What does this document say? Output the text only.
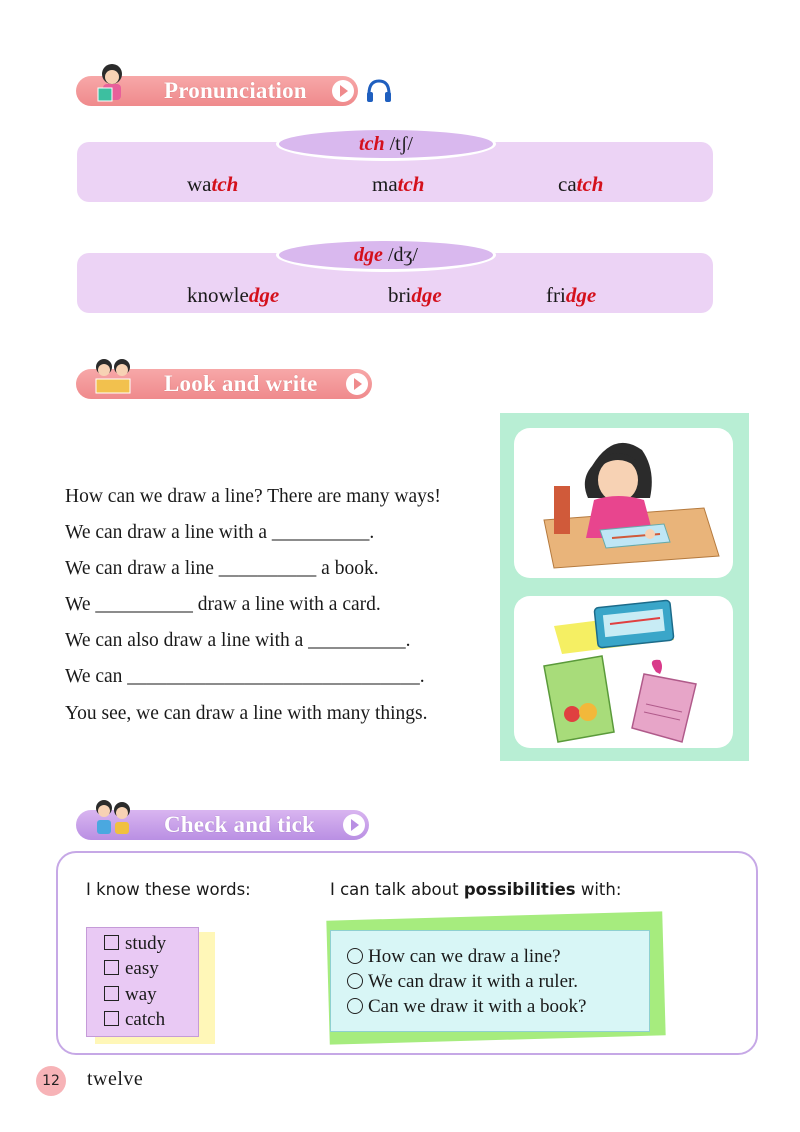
Pronunciation
tch /tʃ/
watch	match	catch
dge /dʒ/
knowledge	bridge	fridge
Look and write
How can we draw a line? There are many ways!
We can draw a line with a __________.
We can draw a line __________ a book.
We __________ draw a line with a card.
We can also draw a line with a __________.
We can ______________________________.
You see, we can draw a line with many things.
Check and tick
I know these words:	I can talk about possibilities with:
study
easy
way
catch
How can we draw a line?
We can draw it with a ruler.
Can we draw it with a book?
12	twelve
